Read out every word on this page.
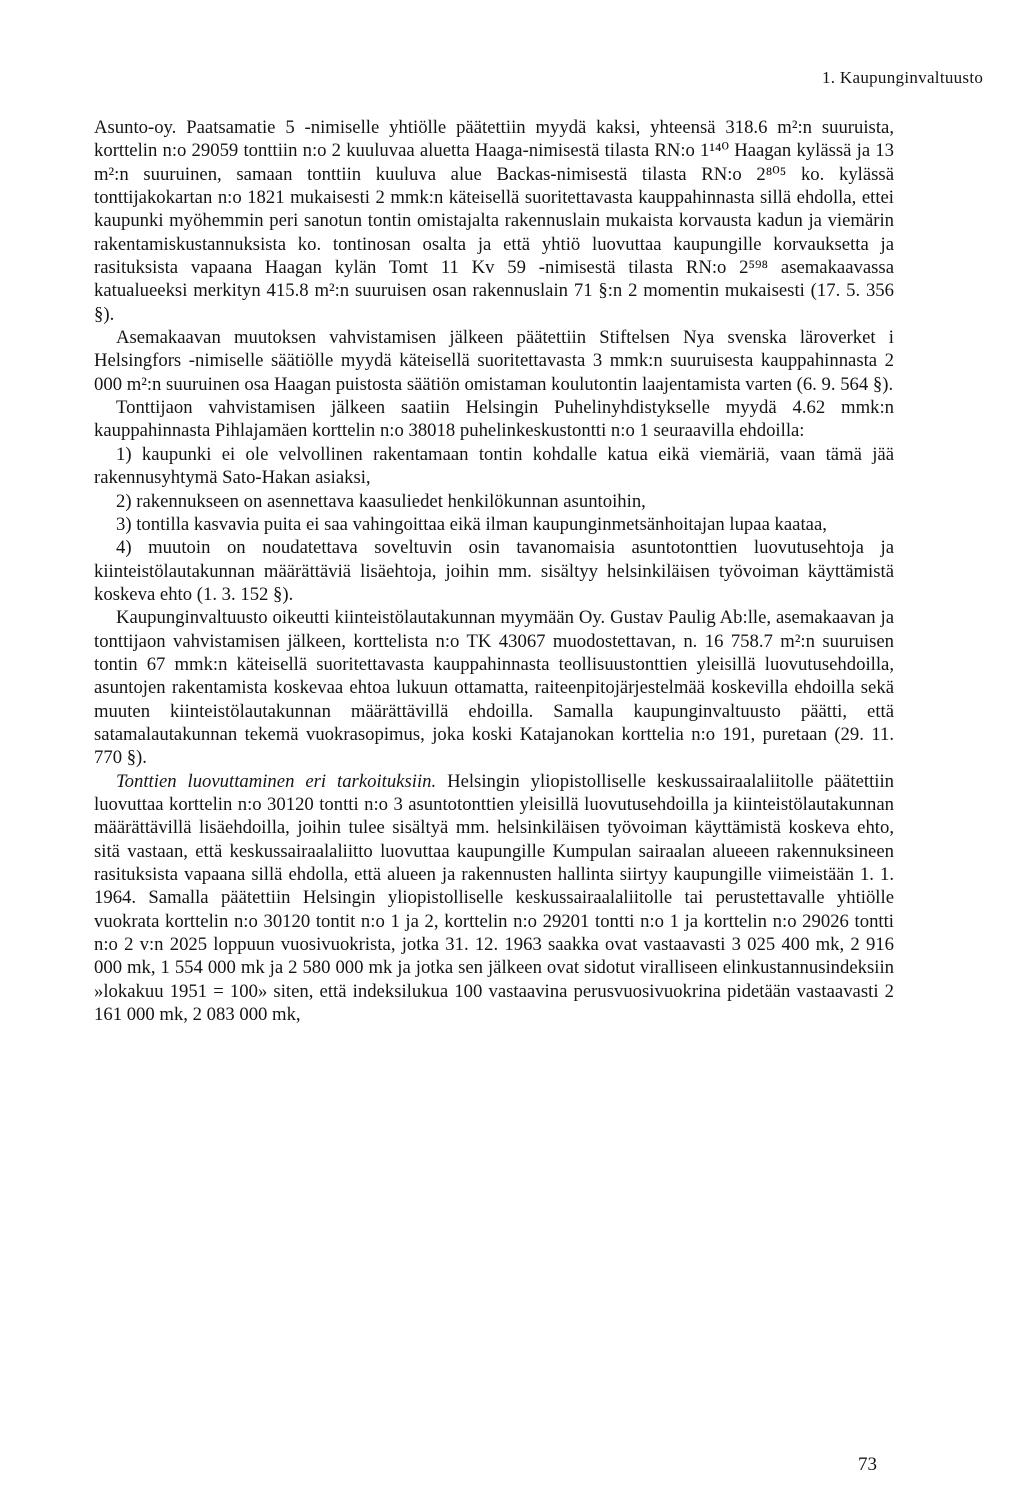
1. Kaupunginvaltuusto

Asunto-oy. Paatsamatie 5 -nimiselle yhtiölle päätettiin myydä kaksi, yhteensä 318.6 m²:n suuruista, korttelin n:o 29059 tonttiin n:o 2 kuuluvaa aluetta Haaga-nimisestä tilasta RN:o 1¹⁴⁰ Haagan kylässä ja 13 m²:n suuruinen, samaan tonttiin kuuluva alue Backas-nimisestä tilasta RN:o 2⁸⁰⁵ ko. kylässä tonttijakokartan n:o 1821 mukaisesti 2 mmk:n käteisellä suoritettavasta kauppahinnasta sillä ehdolla, ettei kaupunki myöhemmin peri sanotun tontin omistajalta rakennuslain mukaista korvausta kadun ja viemärin rakentamiskustannuksista ko. tontinosan osalta ja että yhtiö luovuttaa kaupungille korvauksetta ja rasituksista vapaana Haagan kylän Tomt 11 Kv 59 -nimisestä tilasta RN:o 2⁵⁹⁸ asemakaavassa katualueeksi merkityn 415.8 m²:n suuruisen osan rakennuslain 71 §:n 2 momentin mukaisesti (17. 5. 356 §).

Asemakaavan muutoksen vahvistamisen jälkeen päätettiin Stiftelsen Nya svenska läroverket i Helsingfors -nimiselle säätiölle myydä käteisellä suoritettavasta 3 mmk:n suuruisesta kauppahinnasta 2 000 m²:n suuruinen osa Haagan puistosta säätiön omistaman koulutontin laajentamista varten (6. 9. 564 §).

Tonttijaon vahvistamisen jälkeen saatiin Helsingin Puhelinyhdistykselle myydä 4.62 mmk:n kauppahinnasta Pihlajamäen korttelin n:o 38018 puhelinkeskustontti n:o 1 seuraavilla ehdoilla:

1) kaupunki ei ole velvollinen rakentamaan tontin kohdalle katua eikä viemäriä, vaan tämä jää rakennusyhtymä Sato-Hakan asiaksi,

2) rakennukseen on asennettava kaasuliedet henkilökunnan asuntoihin,

3) tontilla kasvavia puita ei saa vahingoittaa eikä ilman kaupunginmetsänhoitajan lupaa kaataa,

4) muutoin on noudatettava soveltuvin osin tavanomaisia asuntotonttien luovutusehtoja ja kiinteistölautakunnan määrättäviä lisäehtoja, joihin mm. sisältyy helsinkiläisen työvoiman käyttämistä koskeva ehto (1. 3. 152 §).

Kaupunginvaltuusto oikeutti kiinteistölautakunnan myymään Oy. Gustav Paulig Ab:lle, asemakaavan ja tonttijaon vahvistamisen jälkeen, korttelista n:o TK 43067 muodostettavan, n. 16 758.7 m²:n suuruisen tontin 67 mmk:n käteisellä suoritettavasta kauppahinnasta teollisuustonttien yleisillä luovutusehdoilla, asuntojen rakentamista koskevaa ehtoa lukuun ottamatta, raiteenpitojärjestelmää koskevilla ehdoilla sekä muuten kiinteistölautakunnan määrättävillä ehdoilla. Samalla kaupunginvaltuusto päätti, että satamalautakunnan tekemä vuokrasopimus, joka koski Katajanokan korttelia n:o 191, puretaan (29. 11. 770 §).

Tonttien luovuttaminen eri tarkoituksiin. Helsingin yliopistolliselle keskussairaalaliitolle päätettiin luovuttaa korttelin n:o 30120 tontti n:o 3 asuntotonttien yleisillä luovutusehdoilla ja kiinteistölautakunnan määrättävillä lisäehdoilla, joihin tulee sisältyä mm. helsinkiläisen työvoiman käyttämistä koskeva ehto, sitä vastaan, että keskussairaalaliitto luovuttaa kaupungille Kumpulan sairaalan alueeen rakennuksineen rasituksista vapaana sillä ehdolla, että alueen ja rakennusten hallinta siirtyy kaupungille viimeistään 1. 1. 1964. Samalla päätettiin Helsingin yliopistolliselle keskussairaalaliitolle tai perustettavalle yhtiölle vuokrata korttelin n:o 30120 tontit n:o 1 ja 2, korttelin n:o 29201 tontti n:o 1 ja korttelin n:o 29026 tontti n:o 2 v:n 2025 loppuun vuosivuokrista, jotka 31. 12. 1963 saakka ovat vastaavasti 3 025 400 mk, 2 916 000 mk, 1 554 000 mk ja 2 580 000 mk ja jotka sen jälkeen ovat sidotut viralliseen elinkustannusindeksiin »lokakuu 1951 = 100» siten, että indeksilukua 100 vastaavina perusvuosivuokrina pidetään vastaavasti 2 161 000 mk, 2 083 000 mk,

73
